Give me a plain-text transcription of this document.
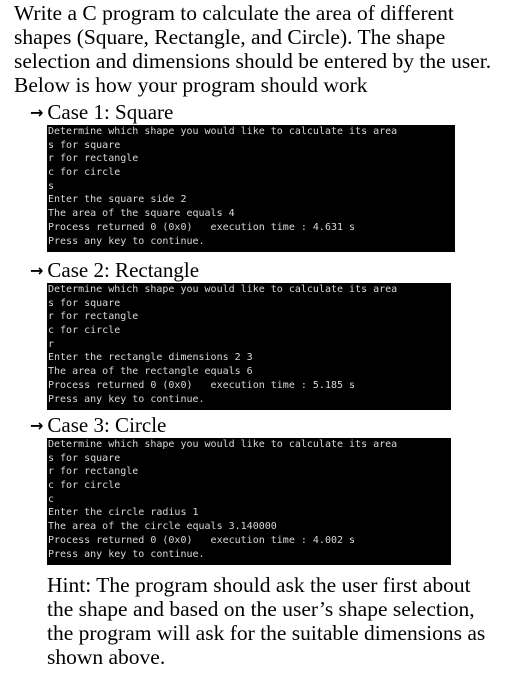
Write a C program to calculate the area of different
shapes (Square, Rectangle, and Circle). The shape
selection and dimensions should be entered by the user.
Below is how your program should work
→ Case 1: Square
Determine which shape you would like to calculate its area
s for square
r for rectangle
c for circle
s
Enter the square side 2
The area of the square equals 4
Process returned 0 (0x0)   execution time : 4.631 s
Press any key to continue.
→ Case 2: Rectangle
Determine which shape you would like to calculate its area
s for square
r for rectangle
c for circle
r
Enter the rectangle dimensions 2 3
The area of the rectangle equals 6
Process returned 0 (0x0)   execution time : 5.185 s
Press any key to continue.
→ Case 3: Circle
Determine which shape you would like to calculate its area
s for square
r for rectangle
c for circle
c
Enter the circle radius 1
The area of the circle equals 3.140000
Process returned 0 (0x0)   execution time : 4.002 s
Press any key to continue.
Hint: The program should ask the user first about
the shape and based on the user’s shape selection,
the program will ask for the suitable dimensions as
shown above.
